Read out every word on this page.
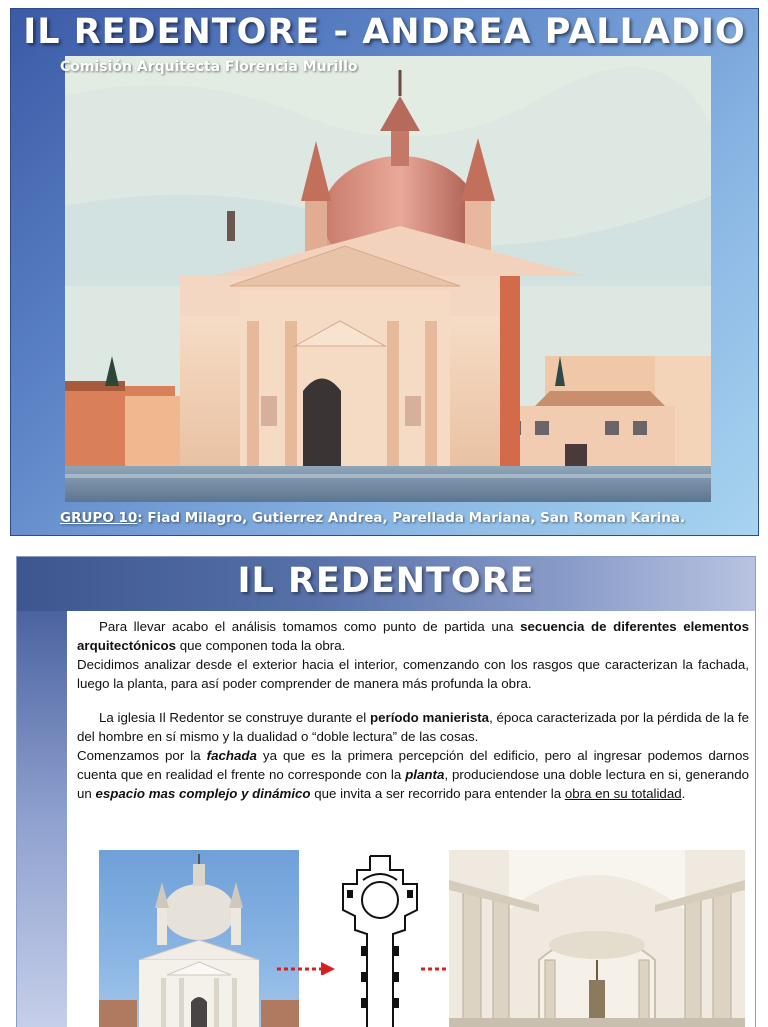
IL REDENTORE - ANDREA PALLADIO
Comisión Arquitecta Florencia Murillo
GRUPO 10: Fiad Milagro, Gutierrez Andrea, Parellada Mariana, San Roman Karina.
IL REDENTORE

Para llevar acabo el análisis tomamos como punto de partida una secuencia de diferentes elementos arquitectónicos que componen toda la obra.

Decidimos analizar desde el exterior hacia el interior, comenzando con los rasgos que caracterizan la fachada, luego la planta, para así poder comprender de manera más profunda la obra.

La iglesia Il Redentor se construye durante el período manierista, época caracterizada por la pérdida de la fe del hombre en sí mismo y la dualidad o “doble lectura” de las cosas.

Comenzamos por la fachada ya que es la primera percepción del edificio, pero al ingresar podemos darnos cuenta que en realidad el frente no corresponde con la planta, produciendose una doble lectura en si, generando un espacio mas complejo y dinámico que invita a ser recorrido para entender la obra en su totalidad.
